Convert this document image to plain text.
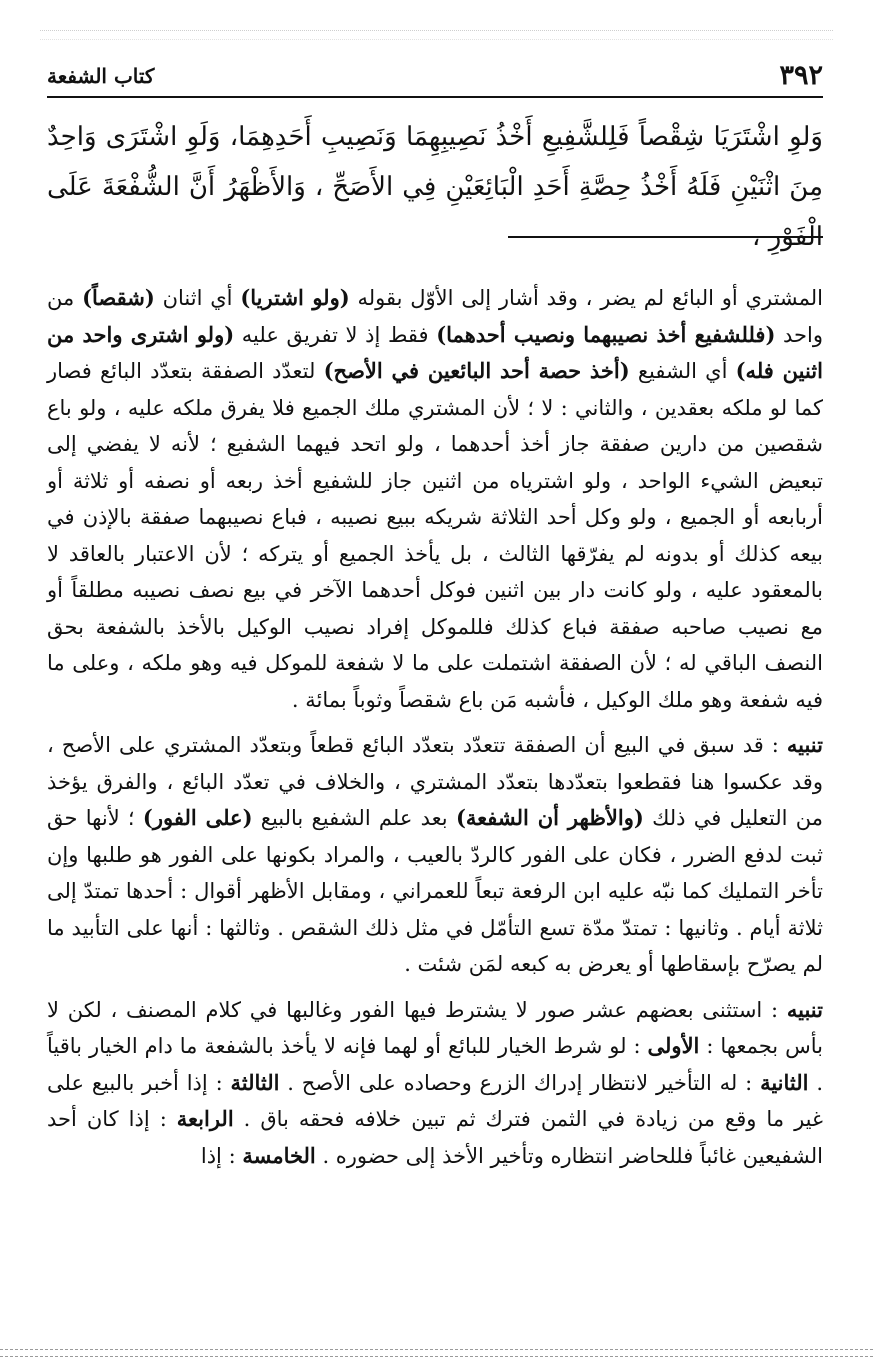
٣٩٢
كتاب الشفعة
وَلوِ اشْتَرَيَا شِقْصاً فَلِلشَّفِيعِ أَخْذُ نَصِيبِهِمَا وَنَصِيبِ أَحَدِهِمَا، وَلَوِ اشْتَرَى وَاحِدٌ مِنَ اثْنَيْنِ فَلَهُ أَخْذُ حِصَّةِ أَحَدِ الْبَائِعَيْنِ فِي الأَصَحِّ ، وَالأَظْهَرُ أَنَّ الشُّفْعَةَ عَلَى الْفَوْرِ ،

المشتري أو البائع لم يضر ، وقد أشار إلى الأوّل بقوله (ولو اشتريا) أي اثنان (شقصاً) من واحد (فللشفيع أخذ نصيبهما ونصيب أحدهما) فقط إذ لا تفريق عليه (ولو اشترى واحد من اثنين فله) أي الشفيع (أخذ حصة أحد البائعين في الأصح) لتعدّد الصفقة بتعدّد البائع فصار كما لو ملكه بعقدين ، والثاني : لا ؛ لأن المشتري ملك الجميع فلا يفرق ملكه عليه ، ولو باع شقصين من دارين صفقة جاز أخذ أحدهما ، ولو اتحد فيهما الشفيع ؛ لأنه لا يفضي إلى تبعيض الشيء الواحد ، ولو اشترياه من اثنين جاز للشفيع أخذ ربعه أو نصفه أو ثلاثة أو أربابعه أو الجميع ، ولو وكل أحد الثلاثة شريكه ببيع نصيبه ، فباع نصيبهما صفقة بالإذن في بيعه كذلك أو بدونه لم يفرّقها الثالث ، بل يأخذ الجميع أو يتركه ؛ لأن الاعتبار بالعاقد لا بالمعقود عليه ، ولو كانت دار بين اثنين فوكل أحدهما الآخر في بيع نصف نصيبه مطلقاً أو مع نصيب صاحبه صفقة فباع كذلك فللموكل إفراد نصيب الوكيل بالأخذ بالشفعة بحق النصف الباقي له ؛ لأن الصفقة اشتملت على ما لا شفعة للموكل فيه وهو ملكه ، وعلى ما فيه شفعة وهو ملك الوكيل ، فأشبه مَن باع شقصاً وثوباً بمائة .

تنبيه : قد سبق في البيع أن الصفقة تتعدّد بتعدّد البائع قطعاً وبتعدّد المشتري على الأصح ، وقد عكسوا هنا فقطعوا بتعدّدها بتعدّد المشتري ، والخلاف في تعدّد البائع ، والفرق يؤخذ من التعليل في ذلك (والأظهر أن الشفعة) بعد علم الشفيع بالبيع (على الفور) ؛ لأنها حق ثبت لدفع الضرر ، فكان على الفور كالردّ بالعيب ، والمراد بكونها على الفور هو طلبها وإن تأخر التمليك كما نبّه عليه ابن الرفعة تبعاً للعمراني ، ومقابل الأظهر أقوال : أحدها تمتدّ إلى ثلاثة أيام . وثانيها : تمتدّ مدّة تسع التأمّل في مثل ذلك الشقص . وثالثها : أنها على التأبيد ما لم يصرّح بإسقاطها أو يعرض به كبعه لمَن شئت .

تنبيه : استثنى بعضهم عشر صور لا يشترط فيها الفور وغالبها في كلام المصنف ، لكن لا بأس بجمعها : الأولى : لو شرط الخيار للبائع أو لهما فإنه لا يأخذ بالشفعة ما دام الخيار باقياً . الثانية : له التأخير لانتظار إدراك الزرع وحصاده على الأصح . الثالثة : إذا أخبر بالبيع على غير ما وقع من زيادة في الثمن فترك ثم تبين خلافه فحقه باق . الرابعة : إذا كان أحد الشفيعين غائباً فللحاضر انتظاره وتأخير الأخذ إلى حضوره . الخامسة : إذا
